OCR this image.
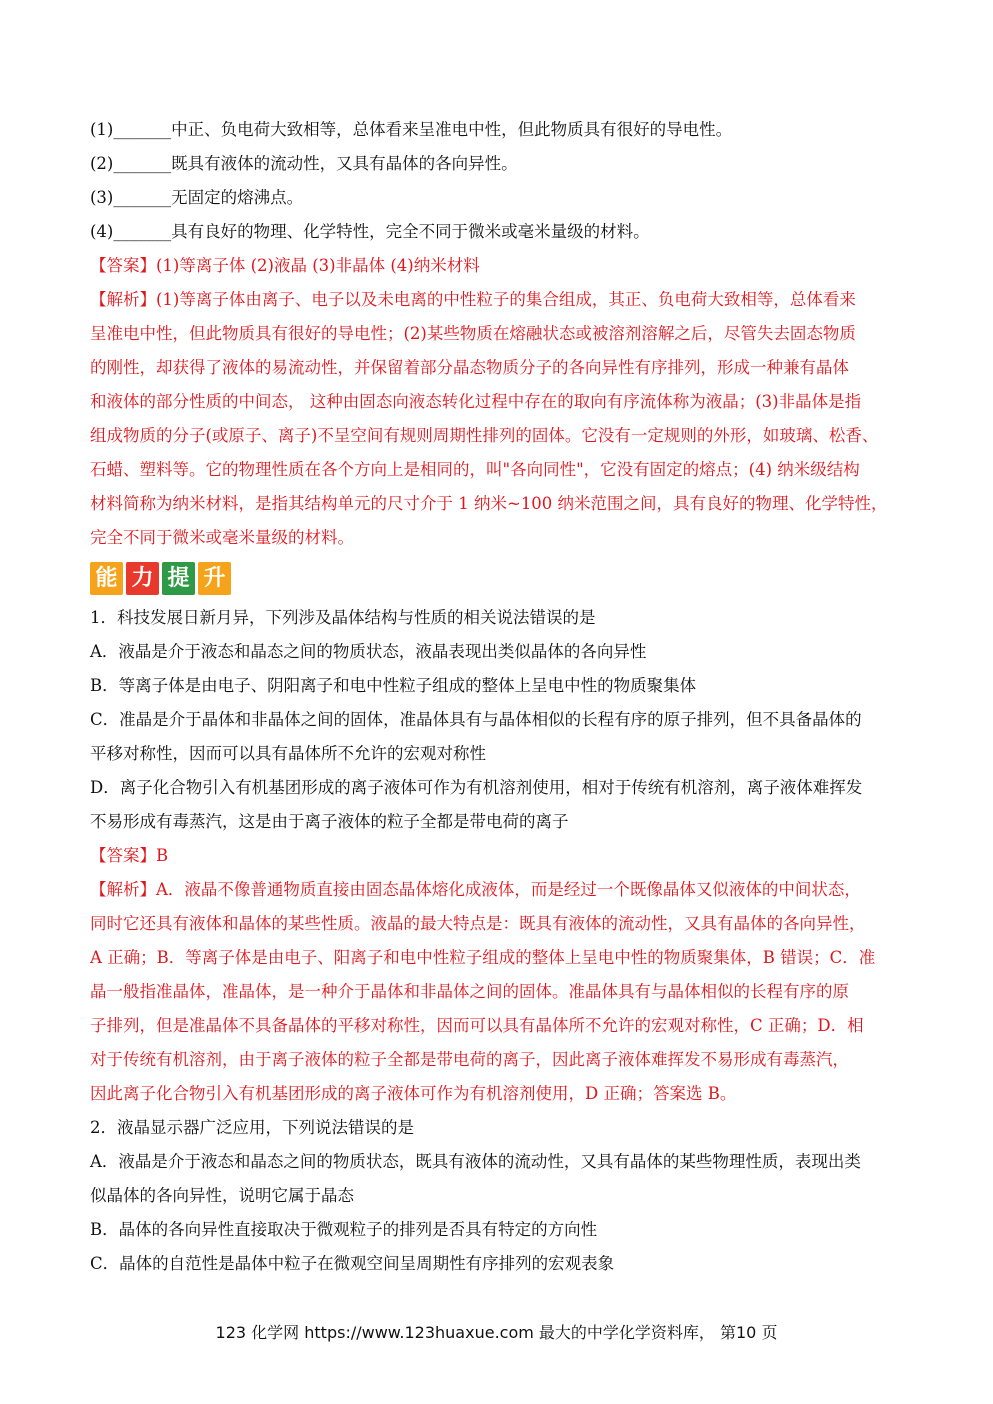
(1)_______中正、负电荷大致相等，总体看来呈准电中性，但此物质具有很好的导电性。
(2)_______既具有液体的流动性，又具有晶体的各向异性。
(3)_______无固定的熔沸点。
(4)_______具有良好的物理、化学特性，完全不同于微米或毫米量级的材料。
【答案】(1)等离子体 (2)液晶 (3)非晶体 (4)纳米材料
【解析】(1)等离子体由离子、电子以及未电离的中性粒子的集合组成，其正、负电荷大致相等，总体看来
呈准电中性，但此物质具有很好的导电性；(2)某些物质在熔融状态或被溶剂溶解之后，尽管失去固态物质
的刚性，却获得了液体的易流动性，并保留着部分晶态物质分子的各向异性有序排列，形成一种兼有晶体
和液体的部分性质的中间态， 这种由固态向液态转化过程中存在的取向有序流体称为液晶；(3)非晶体是指
组成物质的分子(或原子、离子)不呈空间有规则周期性排列的固体。它没有一定规则的外形，如玻璃、松香、
石蜡、塑料等。它的物理性质在各个方向上是相同的，叫"各向同性"，它没有固定的熔点；(4) 纳米级结构
材料简称为纳米材料，是指其结构单元的尺寸介于 1 纳米~100 纳米范围之间，具有良好的物理、化学特性，
完全不同于微米或毫米量级的材料。
能 力 提 升
1．科技发展日新月异，下列涉及晶体结构与性质的相关说法错误的是
A．液晶是介于液态和晶态之间的物质状态，液晶表现出类似晶体的各向异性
B．等离子体是由电子、阴阳离子和电中性粒子组成的整体上呈电中性的物质聚集体
C．准晶是介于晶体和非晶体之间的固体，准晶体具有与晶体相似的长程有序的原子排列，但不具备晶体的
平移对称性，因而可以具有晶体所不允许的宏观对称性
D．离子化合物引入有机基团形成的离子液体可作为有机溶剂使用，相对于传统有机溶剂，离子液体难挥发
不易形成有毒蒸汽，这是由于离子液体的粒子全都是带电荷的离子
【答案】B
【解析】A．液晶不像普通物质直接由固态晶体熔化成液体，而是经过一个既像晶体又似液体的中间状态，
同时它还具有液体和晶体的某些性质。液晶的最大特点是：既具有液体的流动性，又具有晶体的各向异性，
A 正确；B．等离子体是由电子、阳离子和电中性粒子组成的整体上呈电中性的物质聚集体，B 错误；C．准
晶一般指准晶体，准晶体，是一种介于晶体和非晶体之间的固体。准晶体具有与晶体相似的长程有序的原
子排列，但是准晶体不具备晶体的平移对称性，因而可以具有晶体所不允许的宏观对称性，C 正确；D．相
对于传统有机溶剂，由于离子液体的粒子全都是带电荷的离子，因此离子液体难挥发不易形成有毒蒸汽，
因此离子化合物引入有机基团形成的离子液体可作为有机溶剂使用，D 正确；答案选 B。
2．液晶显示器广泛应用，下列说法错误的是
A．液晶是介于液态和晶态之间的物质状态，既具有液体的流动性，又具有晶体的某些物理性质，表现出类
似晶体的各向异性，说明它属于晶态
B．晶体的各向异性直接取决于微观粒子的排列是否具有特定的方向性
C．晶体的自范性是晶体中粒子在微观空间呈周期性有序排列的宏观表象
123 化学网 https://www.123huaxue.com 最大的中学化学资料库， 第10 页
